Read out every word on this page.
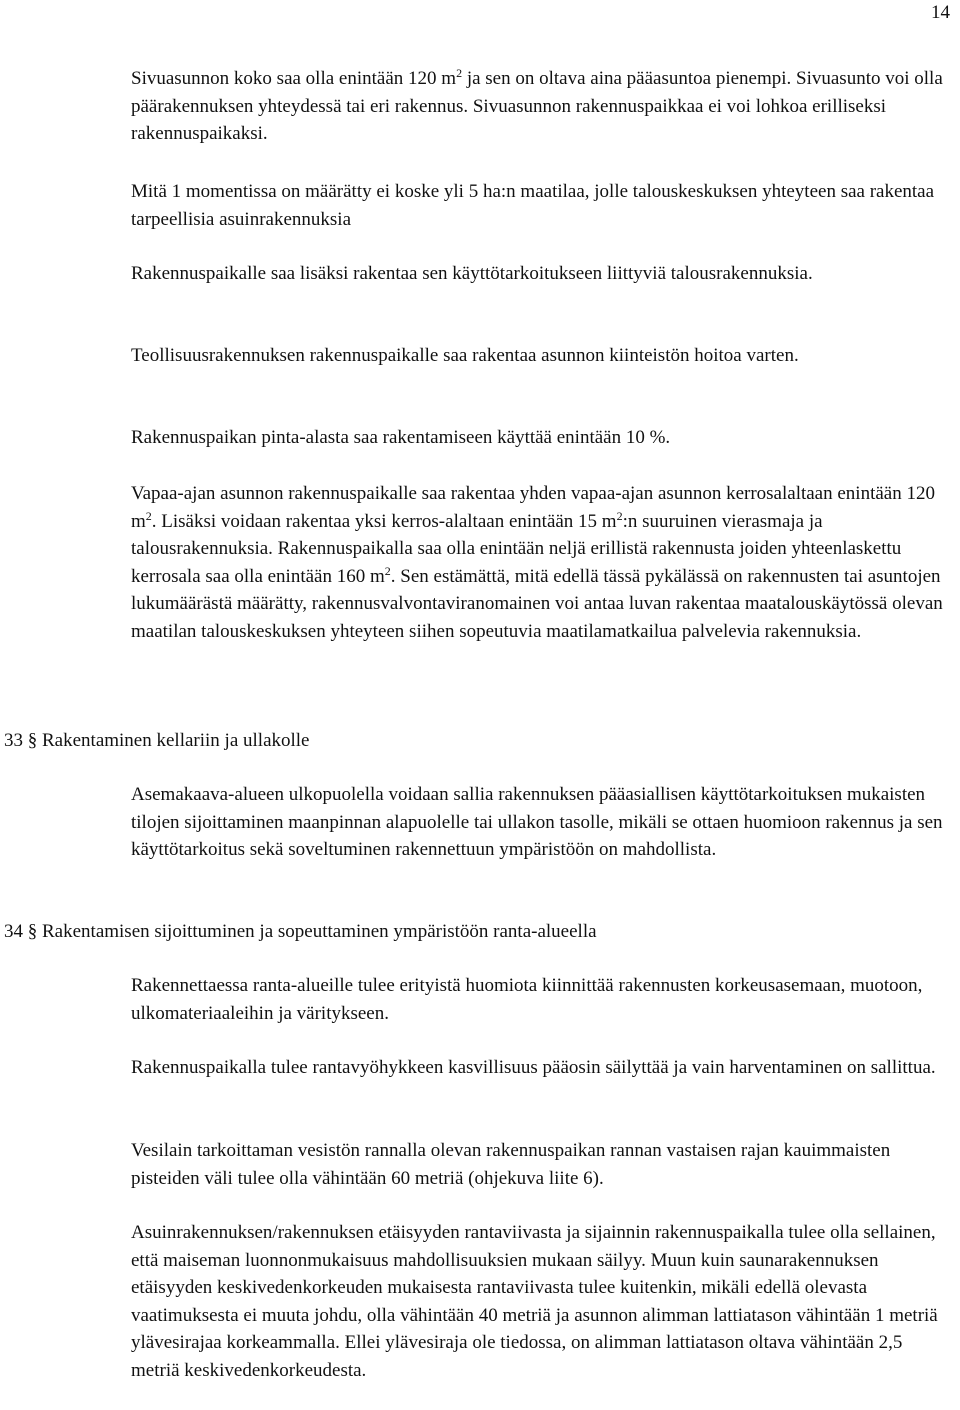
14

Sivuasunnon koko saa olla enintään 120 $m^2$ ja sen on oltava aina pääasuntoa pienempi. Sivuasunto voi olla päärakennuksen yhteydessä tai eri rakennus. Sivuasunnon rakennuspaikkaa ei voi lohkoa erilliseksi rakennuspaikaksi.

Mitä 1 momentissa on määrätty ei koske yli 5 ha:n maatilaa, jolle talouskeskuksen yhteyteen saa rakentaa tarpeellisia asuinrakennuksia

Rakennuspaikalle saa lisäksi rakentaa sen käyttötarkoitukseen liittyviä talousrakennuksia.

Teollisuusrakennuksen rakennuspaikalle saa rakentaa asunnon kiinteistön hoitoa varten.

Rakennuspaikan pinta-alasta saa rakentamiseen käyttää enintään 10 %.

Vapaa-ajan asunnon rakennuspaikalle saa rakentaa yhden vapaa-ajan asunnon kerrosalaltaan enintään 120 $m^2$. Lisäksi voidaan rakentaa yksi kerros-alaltaan enintään 15 $m^2:n$ suuruinen vierasmaja ja talousrakennuksia. Rakennuspaikalla saa olla enintään neljä erillistä rakennusta joiden yhteenlaskettu kerrosala saa olla enintään 160 $m^2$. Sen estämättä, mitä edellä tässä pykälässä on rakennusten tai asuntojen lukumäärästä määrätty, rakennusvalvontaviranomainen voi antaa luvan rakentaa maatalouskäytössä olevan maatilan talouskeskuksen yhteyteen siihen sopeutuvia maatilamatkailua palvelevia rakennuksia.

33 § Rakentaminen kellariin ja ullakolle

Asemakaava-alueen ulkopuolella voidaan sallia rakennuksen pääasiallisen käyttötarkoituksen mukaisten tilojen sijoittaminen maanpinnan alapuolelle tai ullakon tasolle, mikäli se ottaen huomioon rakennus ja sen käyttötarkoitus sekä soveltuminen rakennettuun ympäristöön on mahdollista.

34 § Rakentamisen sijoittuminen ja sopeuttaminen ympäristöön ranta-alueella

Rakennettaessa ranta-alueille tulee erityistä huomiota kiinnittää rakennusten korkeusasemaan, muotoon, ulkomateriaaleihin ja väritykseen.

Rakennuspaikalla tulee rantavyöhykkeen kasvillisuus pääosin säilyttää ja vain harventaminen on sallittua.

Vesilain tarkoittaman vesistön rannalla olevan rakennuspaikan rannan vastaisen rajan kauimmaisten pisteiden väli tulee olla vähintään 60 metriä (ohjekuva liite 6).

Asuinrakennuksen/rakennuksen etäisyyden rantaviivasta ja sijainnin rakennuspaikalla tulee olla sellainen, että maiseman luonnonmukaisuus mahdollisuuksien mukaan säilyy. Muun kuin saunarakennuksen etäisyyden keskivedenkorkeuden mukaisesta rantaviivasta tulee kuitenkin, mikäli edellä olevasta vaatimuksesta ei muuta johdu, olla vähintään 40 metriä ja asunnon alimman lattiatason vähintään 1 metriä ylävesirajaa korkeammalla. Ellei ylävesiraja ole tiedossa, on alimman lattiatason oltava vähintään 2,5 metriä keskivedenkorkeudesta.
